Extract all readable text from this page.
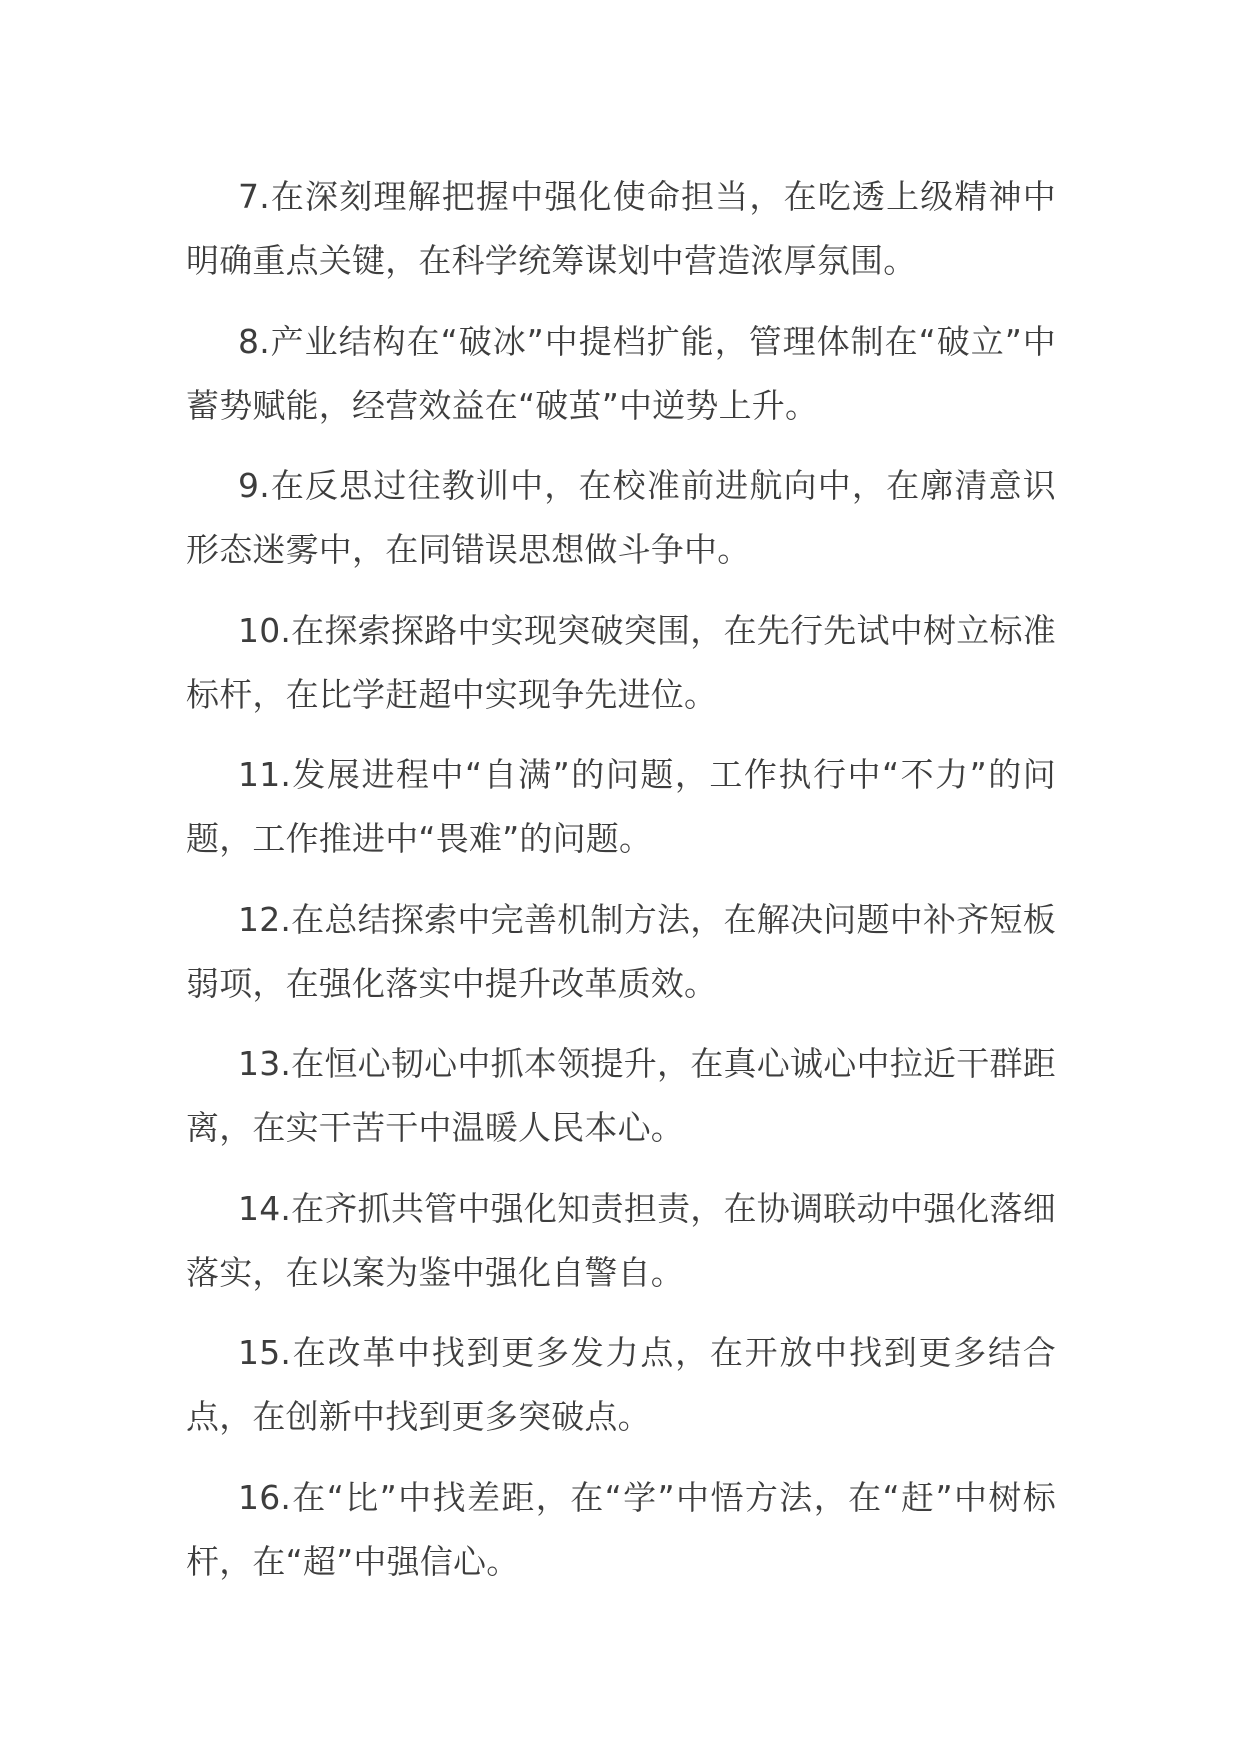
7.在深刻理解把握中强化使命担当，在吃透上级精神中明确重点关键，在科学统筹谋划中营造浓厚氛围。

8.产业结构在“破冰”中提档扩能，管理体制在“破立”中蓄势赋能，经营效益在“破茧”中逆势上升。

9.在反思过往教训中，在校准前进航向中，在廓清意识形态迷雾中，在同错误思想做斗争中。

10.在探索探路中实现突破突围，在先行先试中树立标准标杆，在比学赶超中实现争先进位。

11.发展进程中“自满”的问题，工作执行中“不力”的问题，工作推进中“畏难”的问题。

12.在总结探索中完善机制方法，在解决问题中补齐短板弱项，在强化落实中提升改革质效。

13.在恒心韧心中抓本领提升，在真心诚心中拉近干群距离，在实干苦干中温暖人民本心。

14.在齐抓共管中强化知责担责，在协调联动中强化落细落实，在以案为鉴中强化自警自。

15.在改革中找到更多发力点，在开放中找到更多结合点，在创新中找到更多突破点。

16.在“比”中找差距，在“学”中悟方法，在“赶”中树标杆，在“超”中强信心。
